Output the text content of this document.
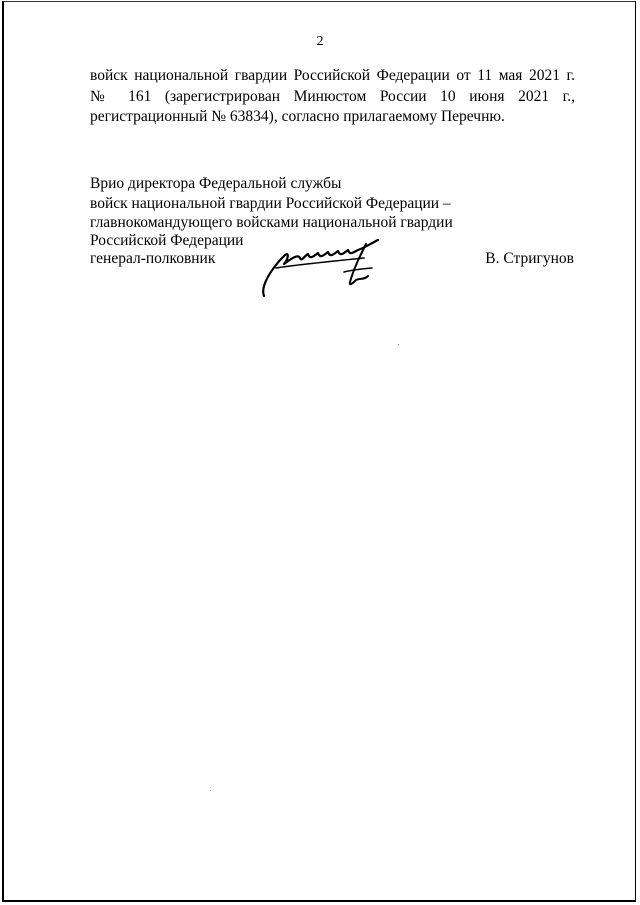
2
войск национальной гвардии Российской Федерации от 11 мая 2021 г.
№ 161 (зарегистрирован Минюстом России 10 июня 2021 г.,
регистрационный № 63834), согласно прилагаемому Перечню.
Врио директора Федеральной службы
войск национальной гвардии Российской Федерации –
главнокомандующего войсками национальной гвардии
Российской Федерации
генерал-полковник	В. Стригунов
